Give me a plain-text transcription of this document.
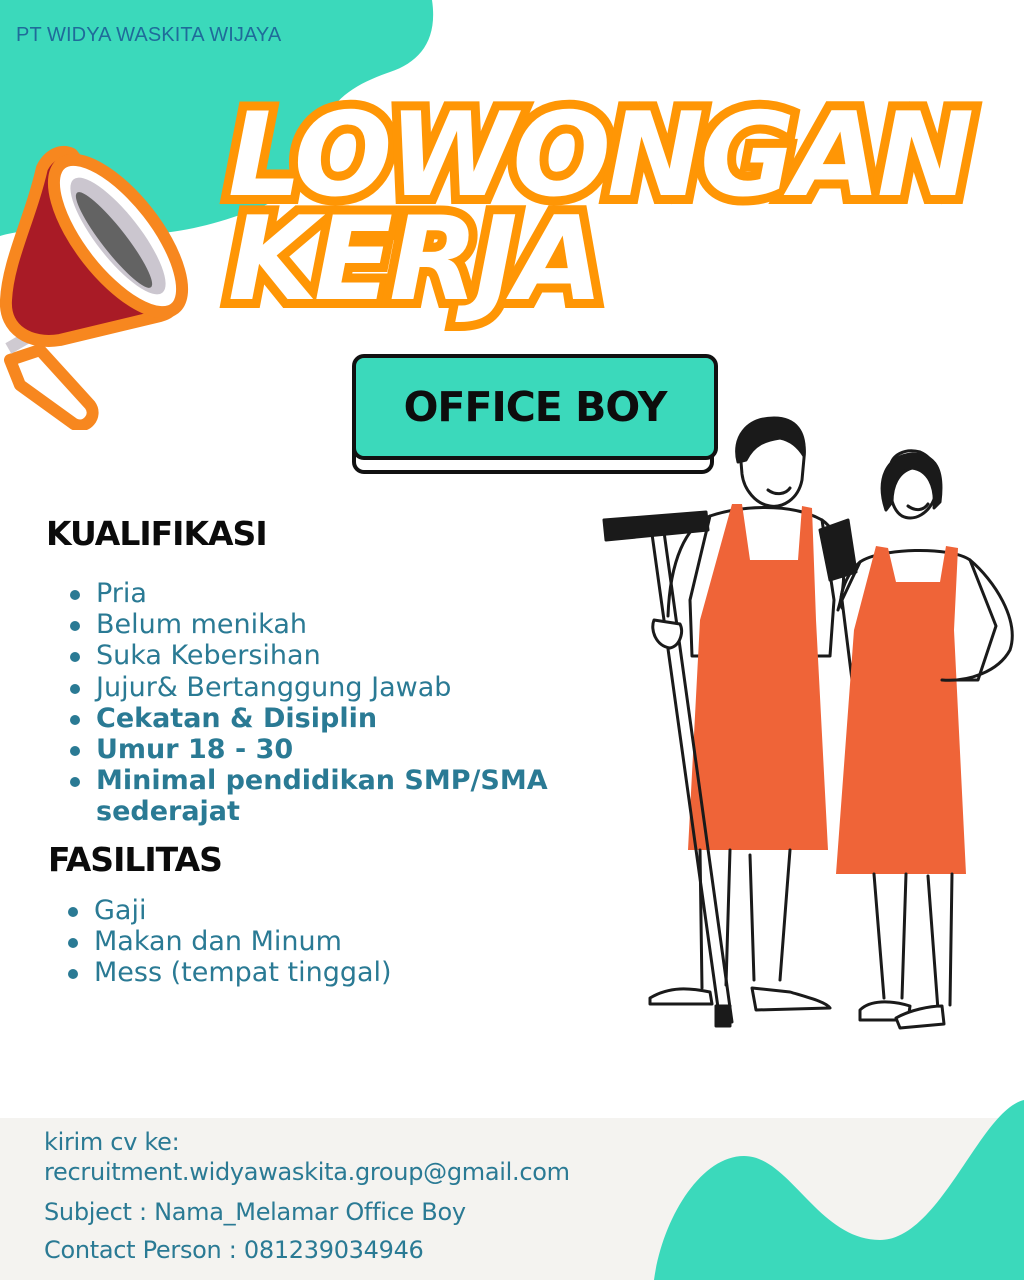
PT WIDYA WASKITA WIJAYA
LOWONGAN
KERJA
OFFICE BOY
KUALIFIKASI
Pria
Belum menikah
Suka Kebersihan
Jujur& Bertanggung Jawab
Cekatan & Disiplin
Umur 18 - 30
Minimal pendidikan SMP/SMA sederajat
FASILITAS
Gaji
Makan dan Minum
Mess (tempat tinggal)
kirim cv ke:
recruitment.widyawaskita.group@gmail.com
Subject : Nama_Melamar Office Boy
Contact Person : 081239034946
